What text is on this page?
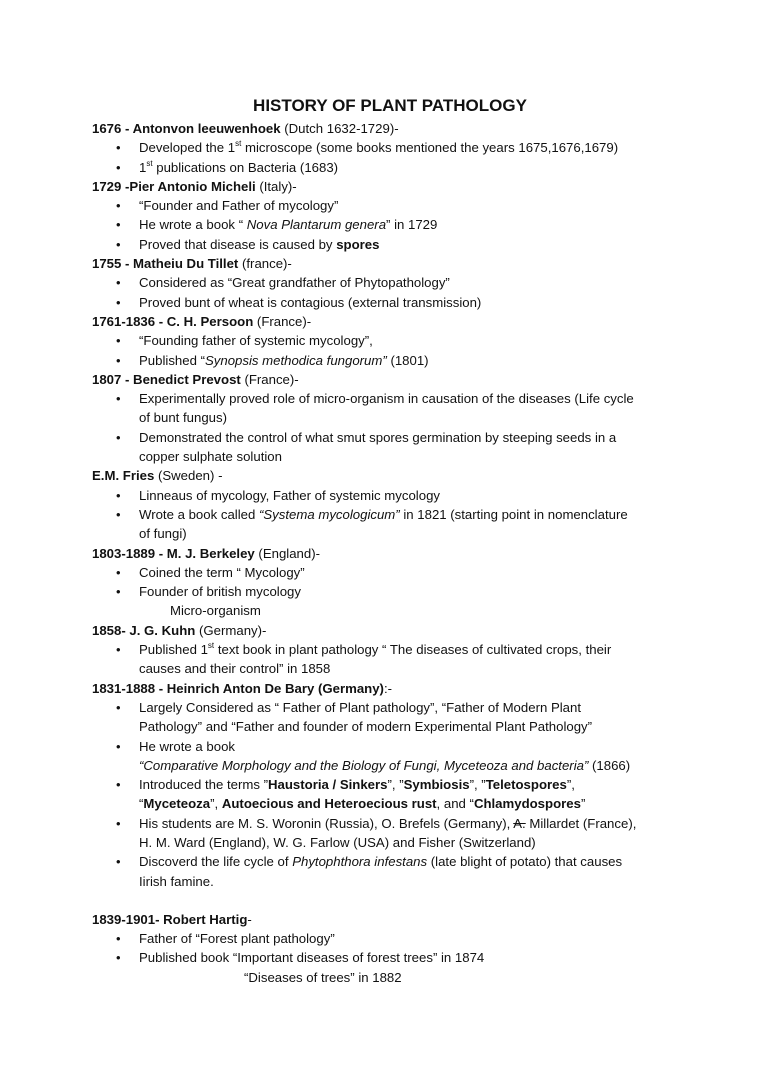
HISTORY OF PLANT PATHOLOGY
1676 - Antonvon leeuwenhoek (Dutch 1632-1729)-
• Developed the 1st microscope (some books mentioned the years 1675,1676,1679)
• 1st publications on Bacteria (1683)
1729 -Pier Antonio Micheli (Italy)-
• “Founder and Father of mycology”
• He wrote a book “ Nova Plantarum genera” in 1729
• Proved that disease is caused by spores
1755 - Matheiu Du Tillet (france)-
• Considered as “Great grandfather of Phytopathology”
• Proved bunt of wheat is contagious (external transmission)
1761-1836 - C. H. Persoon (France)-
• “Founding father of systemic mycology”,
• Published “Synopsis methodica fungorum” (1801)
1807 - Benedict Prevost (France)-
• Experimentally proved role of micro-organism in causation of the diseases (Life cycle
of bunt fungus)
• Demonstrated the control of what smut spores germination by steeping seeds in a
copper sulphate solution
E.M. Fries (Sweden) -
• Linneaus of mycology, Father of systemic mycology
• Wrote a book called “Systema mycologicum” in 1821 (starting point in nomenclature
of fungi)
1803-1889 - M. J. Berkeley (England)-
• Coined the term “ Mycology”
• Founder of british mycology
Micro-organism
1858- J. G. Kuhn (Germany)-
• Published 1st text book in plant pathology “ The diseases of cultivated crops, their
causes and their control” in 1858
1831-1888 - Heinrich Anton De Bary (Germany):-
• Largely Considered as “ Father of Plant pathology”, “Father of Modern Plant
Pathology” and “Father and founder of modern Experimental Plant Pathology”
• He wrote a book
“Comparative Morphology and the Biology of Fungi, Myceteoza and bacteria” (1866)
• Introduced the terms ”Haustoria / Sinkers”, ”Symbiosis”, ”Teletospores”,
“Myceteoza”, Autoecious and Heteroecious rust, and “Chlamydospores”
• His students are M. S. Woronin (Russia), O. Brefels (Germany), A. Millardet (France),
H. M. Ward (England), W. G. Farlow (USA) and Fisher (Switzerland)
• Discoverd the life cycle of Phytophthora infestans (late blight of potato) that causes
Iirish famine.
1839-1901- Robert Hartig-
• Father of “Forest plant pathology”
• Published book “Important diseases of forest trees” in 1874
“Diseases of trees” in 1882
